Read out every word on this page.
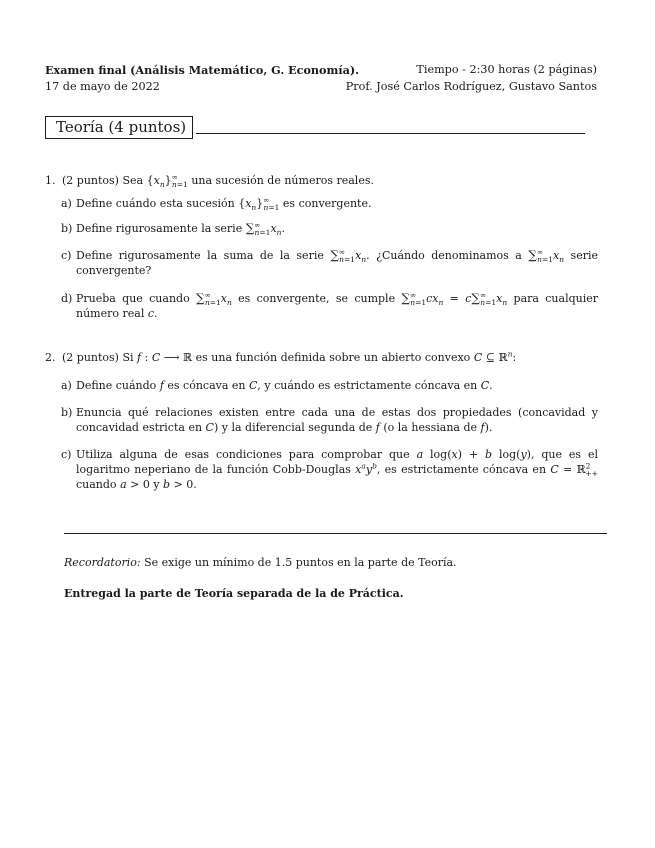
Examen final (Análisis Matemático, G. Economía).	Tiempo - 2:30 horas (2 páginas)
17 de mayo de 2022	Prof. José Carlos Rodríguez, Gustavo Santos
Teoría (4 puntos)
1. (2 puntos) Sea $\{x_n\}^\infty_{n=1}$ una sucesión de números reales.
a) Define cuándo esta sucesión $\{x_n\}^\infty_{n=1}$ es convergente.
b) Define rigurosamente la serie $\sum^\infty_{n=1}x_n$.
c) Define rigurosamente la suma de la serie $\sum^\infty_{n=1}x_n$. ¿Cuándo denominamos a $\sum^\infty_{n=1}x_n$ serie convergente?
d) Prueba que cuando $\sum^\infty_{n=1}x_n$ es convergente, se cumple $\sum^\infty_{n=1}cx_n = c\sum^\infty_{n=1}x_n$ para cualquier número real c.
2. (2 puntos) Si f : C ⟶ ℝ es una función definida sobre un abierto convexo C ⊆ ℝ$^n$:
a) Define cuándo f es cóncava en C, y cuándo es estrictamente cóncava en C.
b) Enuncia qué relaciones existen entre cada una de estas dos propiedades (concavidad y concavidad estricta en C) y la diferencial segunda de f (o la hessiana de f).
c) Utiliza alguna de esas condiciones para comprobar que a log(x) + b log(y), que es el logaritmo neperiano de la función Cobb-Douglas $x^ay^b$, es estrictamente cóncava en C = ℝ$^2_{++}$ cuando a > 0 y b > 0.
Recordatorio: Se exige un mínimo de 1.5 puntos en la parte de Teoría.
Entregad la parte de Teoría separada de la de Práctica.
